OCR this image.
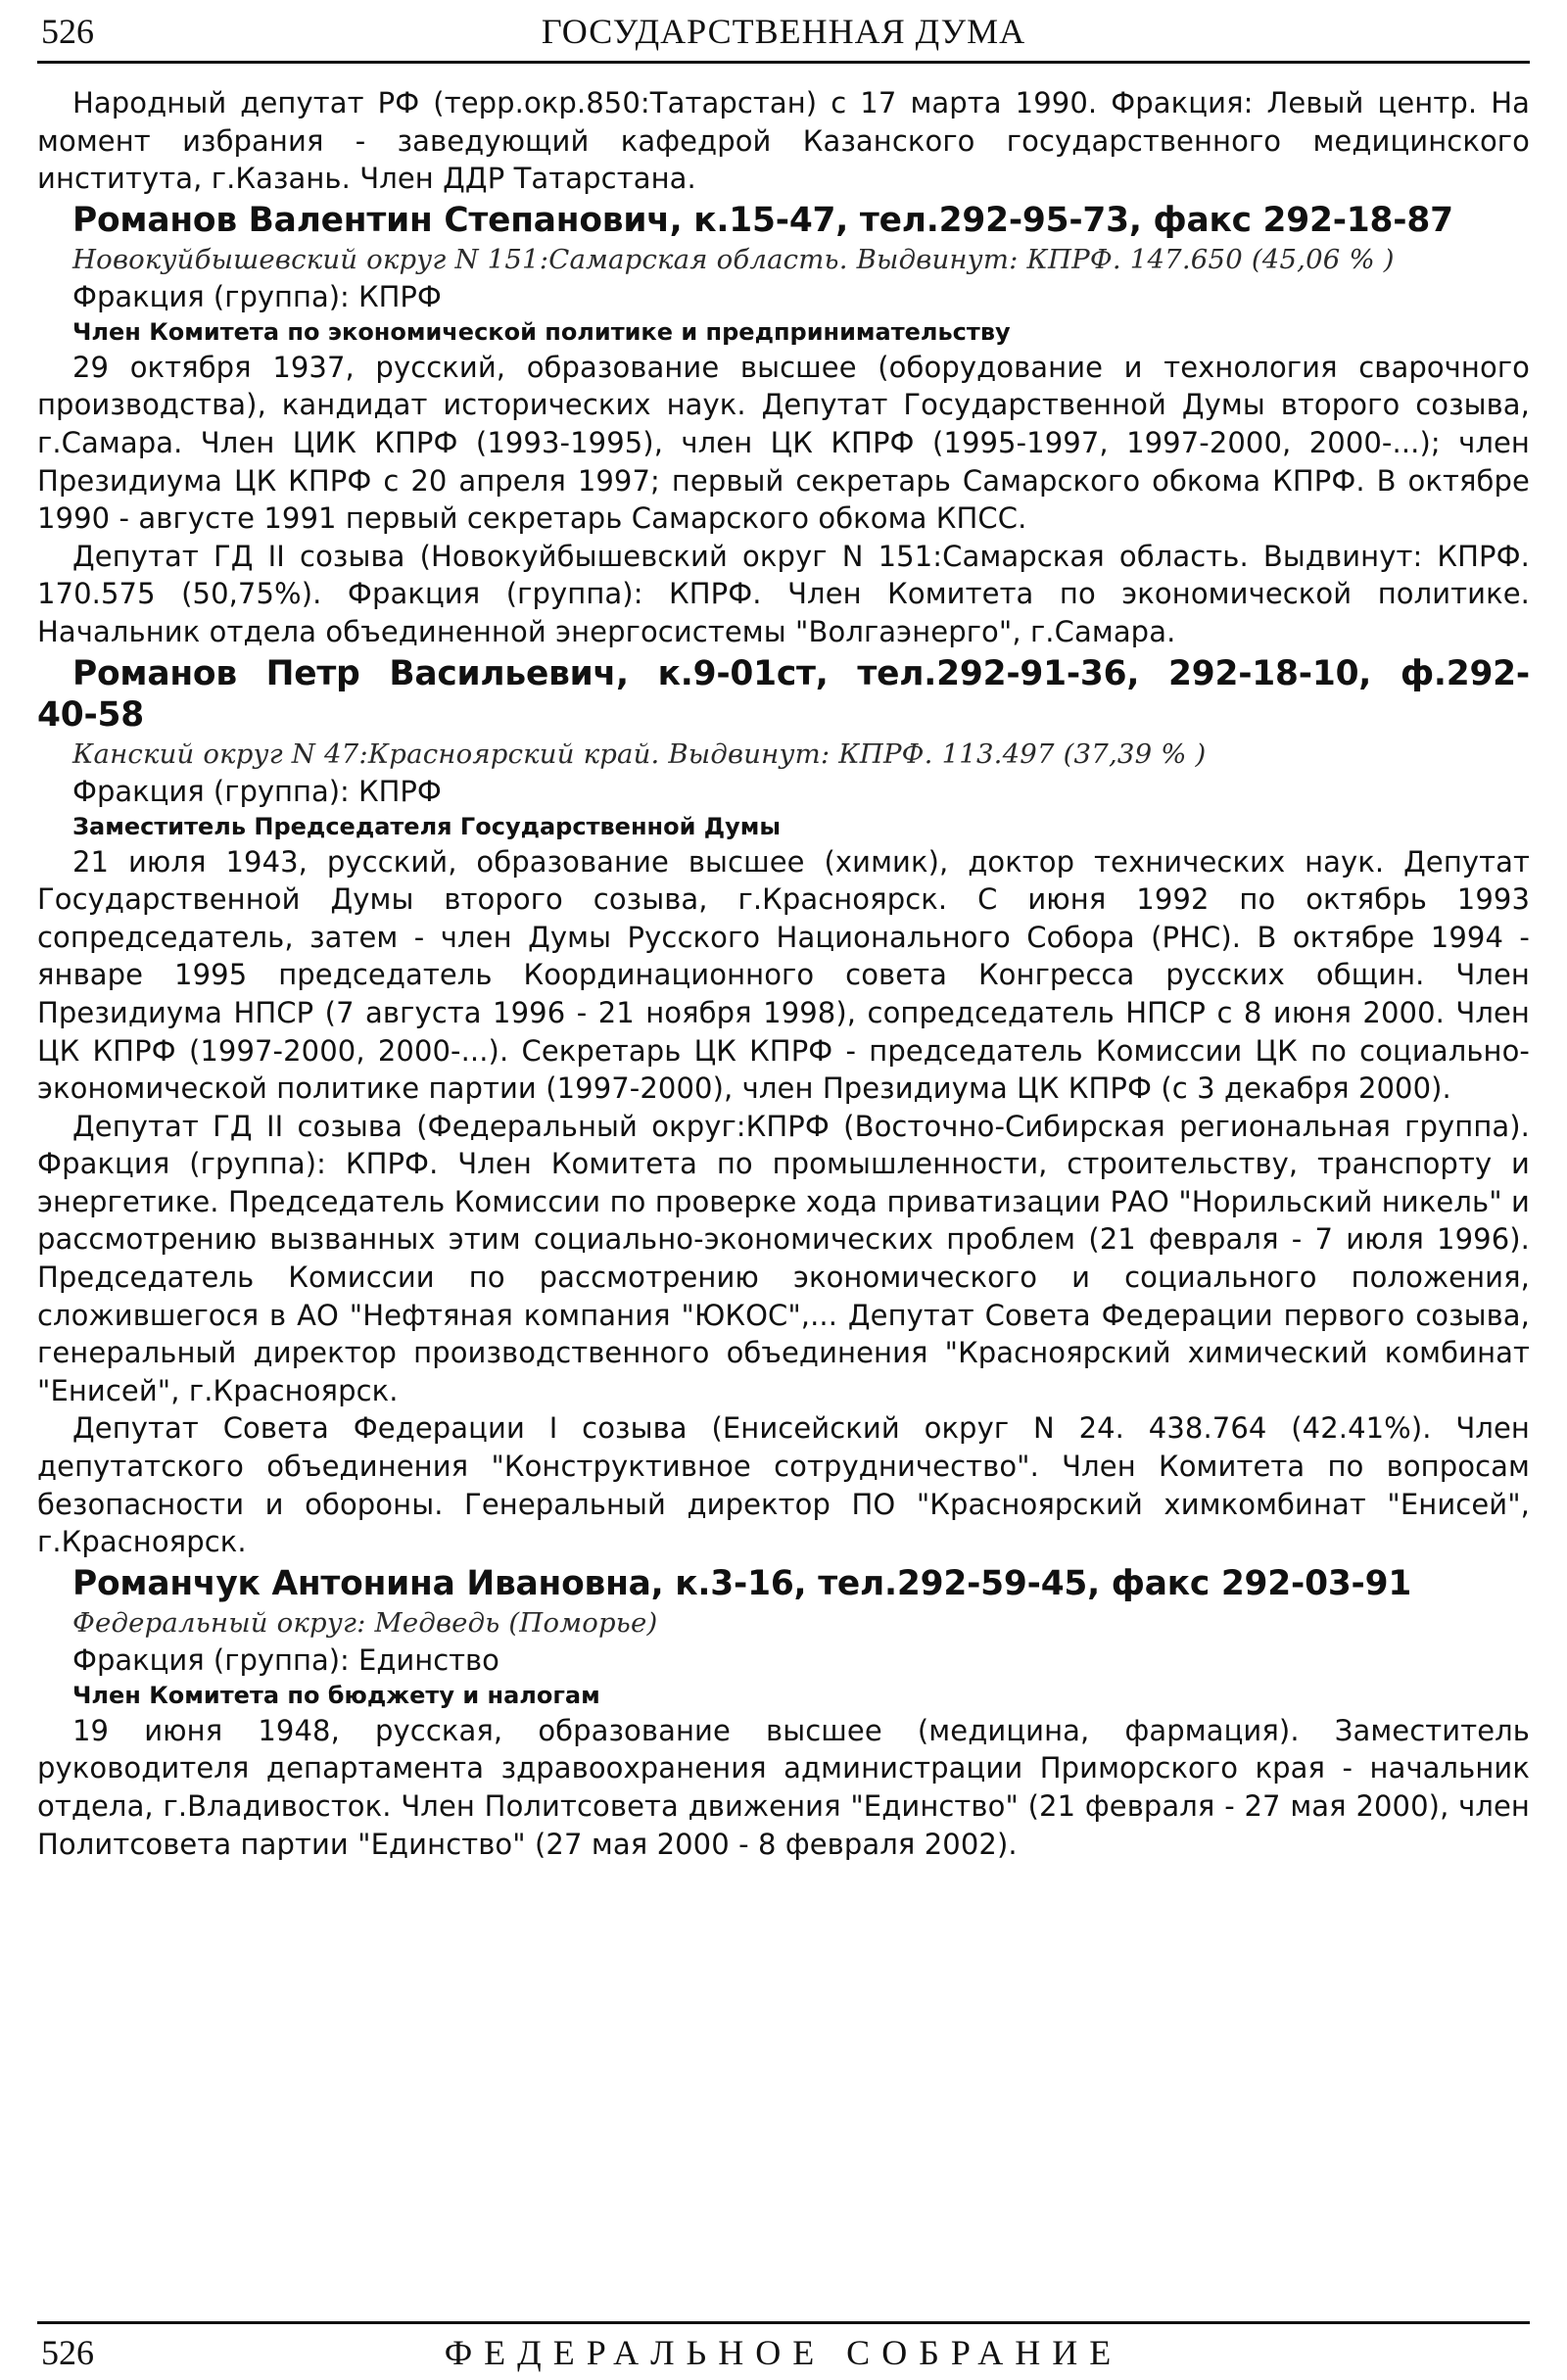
526	ГОСУДАРСТВЕННАЯ ДУМА

Народный депутат РФ (терр.окр.850:Татарстан) с 17 марта 1990. Фракция: Левый центр. На момент избрания - заведующий кафедрой Казанского государственного медицинского института, г.Казань. Член ДДР Татарстана.

Романов Валентин Степанович, к.15-47, тел.292-95-73, факс 292-18-87

Новокуйбышевский округ N 151:Самарская область. Выдвинут: КПРФ. 147.650 (45,06 % )

Фракция (группа): КПРФ

Член Комитета по экономической политике и предпринимательству

29 октября 1937, русский, образование высшее (оборудование и технология сварочного производства), кандидат исторических наук. Депутат Государственной Думы второго созыва, г.Самара. Член ЦИК КПРФ (1993-1995), член ЦК КПРФ (1995-1997, 1997-2000, 2000-...); член Президиума ЦК КПРФ с 20 апреля 1997; первый секретарь Самарского обкома КПРФ. В октябре 1990 - августе 1991 первый секретарь Самарского обкома КПСС.

Депутат ГД II созыва (Новокуйбышевский округ N 151:Самарская область. Выдвинут: КПРФ. 170.575 (50,75%). Фракция (группа): КПРФ. Член Комитета по экономической политике. Начальник отдела объединенной энергосистемы "Волгаэнерго", г.Самара.

Романов Петр Васильевич, к.9-01ст, тел.292-91-36, 292-18-10, ф.292-40-58

Канский округ N 47:Красноярский край. Выдвинут: КПРФ. 113.497 (37,39 % )

Фракция (группа): КПРФ

Заместитель Председателя Государственной Думы

21 июля 1943, русский, образование высшее (химик), доктор технических наук. Депутат Государственной Думы второго созыва, г.Красноярск. С июня 1992 по октябрь 1993 сопредседатель, затем - член Думы Русского Национального Собора (РНС). В октябре 1994 - январе 1995 председатель Координационного совета Конгресса русских общин. Член Президиума НПСР (7 августа 1996 - 21 ноября 1998), сопредседатель НПСР с 8 июня 2000. Член ЦК КПРФ (1997-2000, 2000-...). Секретарь ЦК КПРФ - председатель Комиссии ЦК по социально-экономической политике партии (1997-2000), член Президиума ЦК КПРФ (с 3 декабря 2000).

Депутат ГД II созыва (Федеральный округ:КПРФ (Восточно-Сибирская региональная группа). Фракция (группа): КПРФ. Член Комитета по промышленности, строительству, транспорту и энергетике. Председатель Комиссии по проверке хода приватизации РАО "Норильский никель" и рассмотрению вызванных этим социально-экономических проблем (21 февраля - 7 июля 1996). Председатель Комиссии по рассмотрению экономического и социального положения, сложившегося в АО "Нефтяная компания "ЮКОС",... Депутат Совета Федерации первого созыва, генеральный директор производственного объединения "Красноярский химический комбинат "Енисей", г.Красноярск.

Депутат Совета Федерации I созыва (Енисейский округ N 24. 438.764 (42.41%). Член депутатского объединения "Конструктивное сотрудничество". Член Комитета по вопросам безопасности и обороны. Генеральный директор ПО "Красноярский химкомбинат "Енисей", г.Красноярск.

Романчук Антонина Ивановна, к.3-16, тел.292-59-45, факс 292-03-91

Федеральный округ: Медведь (Поморье)

Фракция (группа): Единство

Член Комитета по бюджету и налогам

19 июня 1948, русская, образование высшее (медицина, фармация). Заместитель руководителя департамента здравоохранения администрации Приморского края - начальник отдела, г.Владивосток. Член Политсовета движения "Единство" (21 февраля - 27 мая 2000), член Политсовета партии "Единство" (27 мая 2000 - 8 февраля 2002).

526	ФЕДЕРАЛЬНОЕ СОБРАНИЕ
